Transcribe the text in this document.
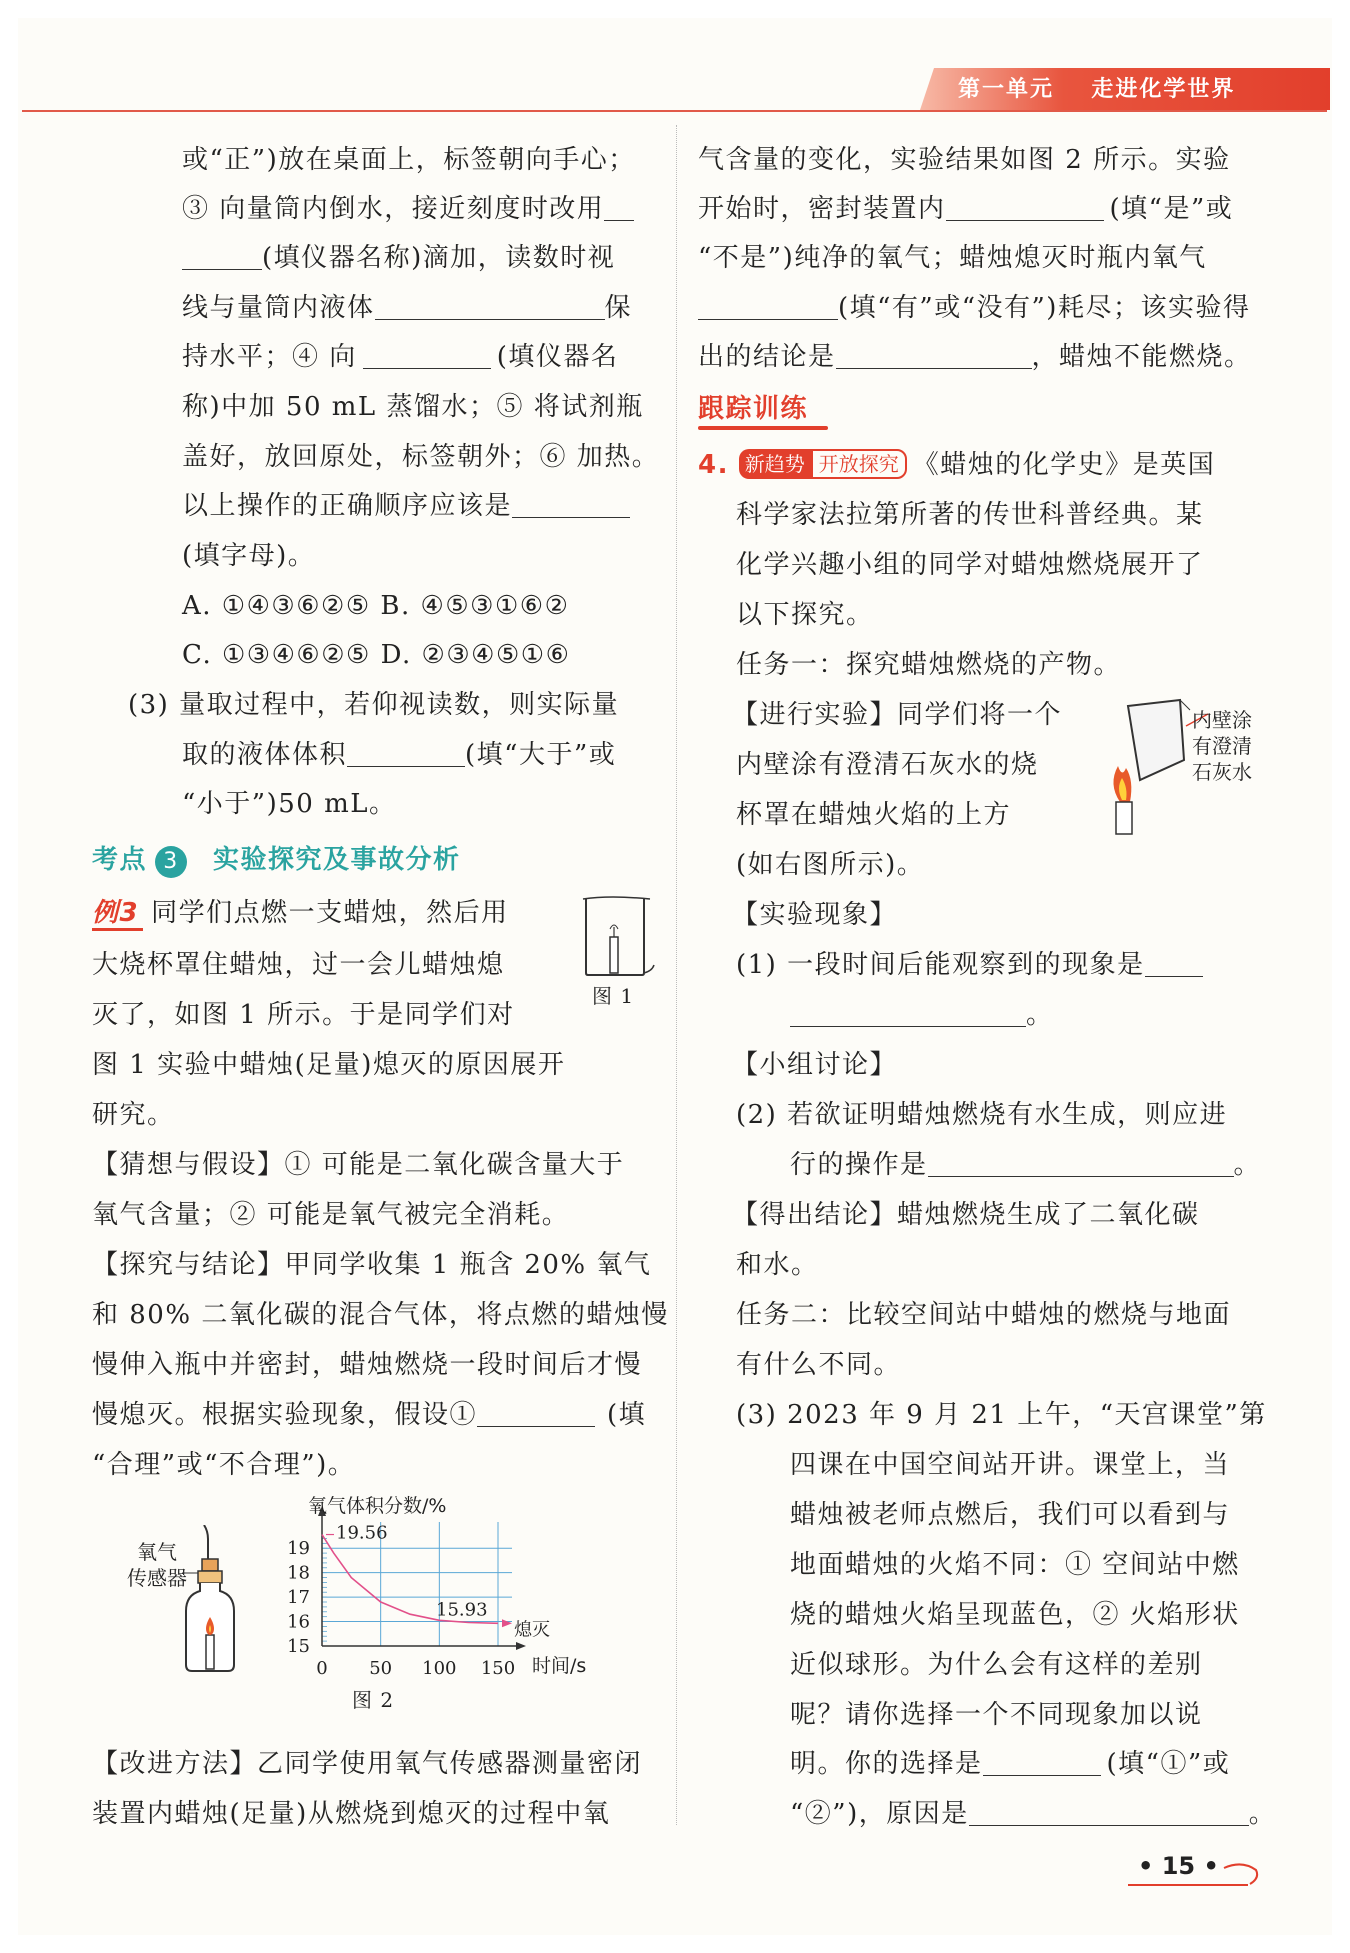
第一单元 走进化学世界
或“正”)放在桌面上，标签朝向手心；
③ 向量筒内倒水，接近刻度时改用
(填仪器名称)滴加，读数时视
线与量筒内液体	保
持水平；④ 向	(填仪器名
称)中加 50 mL 蒸馏水；⑤ 将试剂瓶
盖好，放回原处，标签朝外；⑥ 加热。
以上操作的正确顺序应该是
(填字母)。
A. ①④③⑥②⑤ B. ④⑤③①⑥②
C. ①③④⑥②⑤ D. ②③④⑤①⑥
(3) 量取过程中，若仰视读数，则实际量
取的液体体积	(填“大于”或
“小于”)50 mL。
考点 3 实验探究及事故分析
例3 同学们点燃一支蜡烛，然后用
大烧杯罩住蜡烛，过一会儿蜡烛熄
灭了，如图 1 所示。于是同学们对
图 1
图 1 实验中蜡烛(足量)熄灭的原因展开
研究。
【猜想与假设】① 可能是二氧化碳含量大于
氧气含量；② 可能是氧气被完全消耗。
【探究与结论】甲同学收集 1 瓶含 20% 氧气
和 80% 二氧化碳的混合气体，将点燃的蜡烛慢
慢伸入瓶中并密封，蜡烛燃烧一段时间后才慢
慢熄灭。根据实验现象，假设①	(填
“合理”或“不合理”)。
氧气
传感器
15
16
17
18
19
0 50 100 150
氧气体积分数/%
时间/s
19.56
15.93
熄灭
图 2
【改进方法】乙同学使用氧气传感器测量密闭
装置内蜡烛(足量)从燃烧到熄灭的过程中氧
气含量的变化，实验结果如图 2 所示。实验
开始时，密封装置内	(填“是”或
“不是”)纯净的氧气；蜡烛熄灭时瓶内氧气
(填“有”或“没有”)耗尽；该实验得
出的结论是	，蜡烛不能燃烧。
跟踪训练
4. 新趋势 开放探究 《蜡烛的化学史》是英国
科学家法拉第所著的传世科普经典。某
化学兴趣小组的同学对蜡烛燃烧展开了
以下探究。
任务一：探究蜡烛燃烧的产物。
【进行实验】同学们将一个
内壁涂有澄清石灰水的烧
杯罩在蜡烛火焰的上方
(如右图所示)。
内壁涂
有澄清
石灰水
【实验现象】
(1) 一段时间后能观察到的现象是
。
【小组讨论】
(2) 若欲证明蜡烛燃烧有水生成，则应进
行的操作是	。
【得出结论】蜡烛燃烧生成了二氧化碳
和水。
任务二：比较空间站中蜡烛的燃烧与地面
有什么不同。
(3) 2023 年 9 月 21 上午，“天宫课堂”第
四课在中国空间站开讲。课堂上，当
蜡烛被老师点燃后，我们可以看到与
地面蜡烛的火焰不同：① 空间站中燃
烧的蜡烛火焰呈现蓝色，② 火焰形状
近似球形。为什么会有这样的差别
呢？请你选择一个不同现象加以说
明。你的选择是	(填“①”或
“②”)，原因是	。
• 15 •
